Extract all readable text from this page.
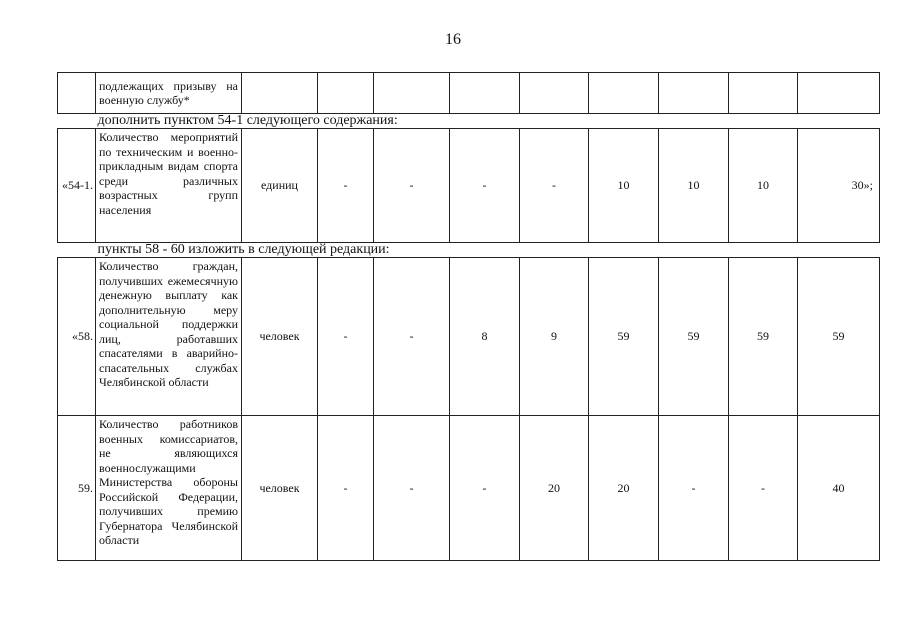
16
	подлежащих призыву на военную службу*									
дополнить пунктом 54-1 следующего содержания:										
«54-1.	Количество мероприятий по техническим и военно-прикладным видам спорта среди различных возрастных групп населения	единиц	-	-	-	-	10	10	10	30»;
пункты 58 - 60 изложить в следующей редакции:										
«58.	Количество граждан, получивших ежемесячную денежную выплату как дополнительную меру социальной поддержки лиц, работавших спасателями в аварийно-спасательных службах Челябинской области	человек	-	-	8	9	59	59	59	59
59.	Количество работников военных комиссариатов, не являющихся военнослужащими Министерства обороны Российской Федерации, получивших премию Губернатора Челябинской области	человек	-	-	-	20	20	-	-	40
